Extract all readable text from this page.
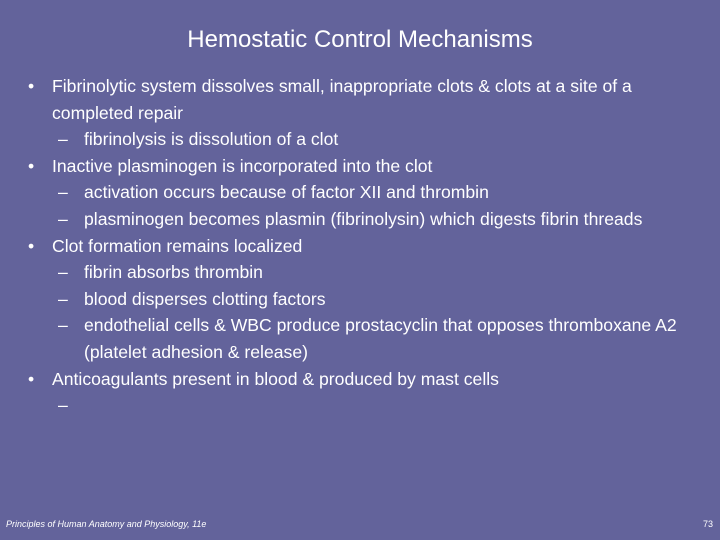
Hemostatic Control Mechanisms
• Fibrinolytic system dissolves small, inappropriate clots & clots at a site of a completed repair
– fibrinolysis is dissolution of a clot
• Inactive plasminogen is incorporated into the clot
– activation occurs because of factor XII and thrombin
– plasminogen becomes plasmin (fibrinolysin) which digests fibrin threads
• Clot formation remains localized
– fibrin absorbs thrombin
– blood disperses clotting factors
– endothelial cells & WBC produce prostacyclin that opposes thromboxane A2 (platelet adhesion & release)
• Anticoagulants present in blood & produced by mast cells
–
Principles of Human Anatomy and Physiology, 11e	73
